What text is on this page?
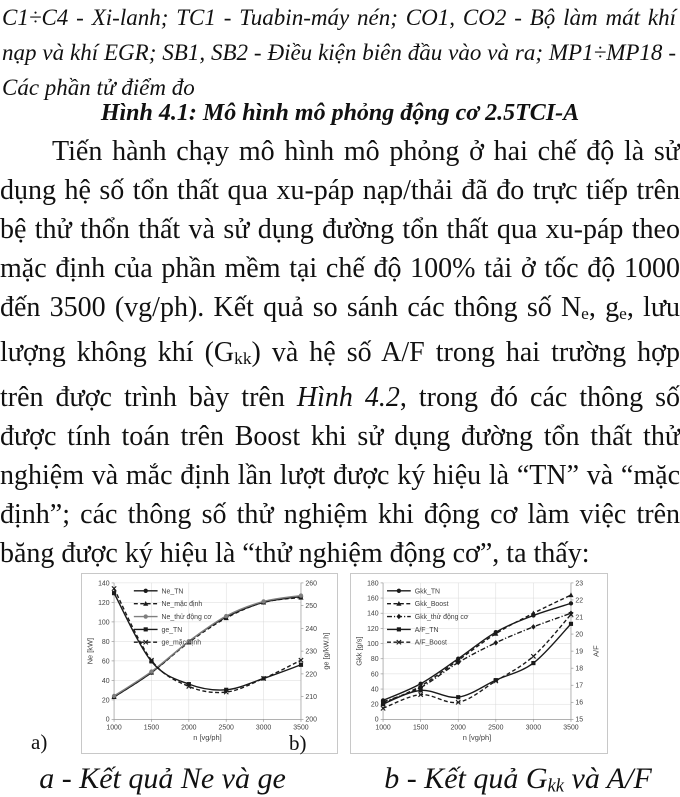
C1÷C4 - Xi-lanh; TC1 - Tuabin-máy nén; CO1, CO2 - Bộ làm mát khí nạp và khí EGR; SB1, SB2 - Điều kiện biên đầu vào và ra; MP1÷MP18 - Các phần tử điểm đo

Hình 4.1: Mô hình mô phỏng động cơ 2.5TCI-A

Tiến hành chạy mô hình mô phỏng ở hai chế độ là sử dụng hệ số tổn thất qua xu-páp nạp/thải đã đo trực tiếp trên bệ thử thổn thất và sử dụng đường tổn thất qua xu-páp theo mặc định của phần mềm tại chế độ 100% tải ở tốc độ 1000 đến 3500 (vg/ph). Kết quả so sánh các thông số Ne, ge, lưu lượng không khí (Gkk) và hệ số A/F trong hai trường hợp trên được trình bày trên Hình 4.2, trong đó các thông số được tính toán trên Boost khi sử dụng đường tổn thất thử nghiệm và mắc định lần lượt được ký hiệu là “TN” và “mặc định”; các thông số thử nghiệm khi động cơ làm việc trên băng được ký hiệu là “thử nghiệm động cơ”, ta thấy:

0
20
40
60
80
100
120
140
200
210
220
230
240
250
260
1000	1500	2000	2500	3000	3500
n [vg/ph]
Ne [kW]	ge [g/kW.h]
Ne_TN
Ne_mặc định
Ne_thử động cơ
ge_TN
ge_mặc định
0
20
40
60
80
100
120
140
160
180
15
16
17
18
19
20
21
22
23
1000	1500	2000	2500	3000	3500
n [vg/ph]
Gkk [g/s]	A/F
Gkk_TN
Gkk_Boost
Gkk_thử động cơ
A/F_TN
A/F_Boost
a)	b)
a - Kết quả Ne và ge	b - Kết quả Gkk và A/F
